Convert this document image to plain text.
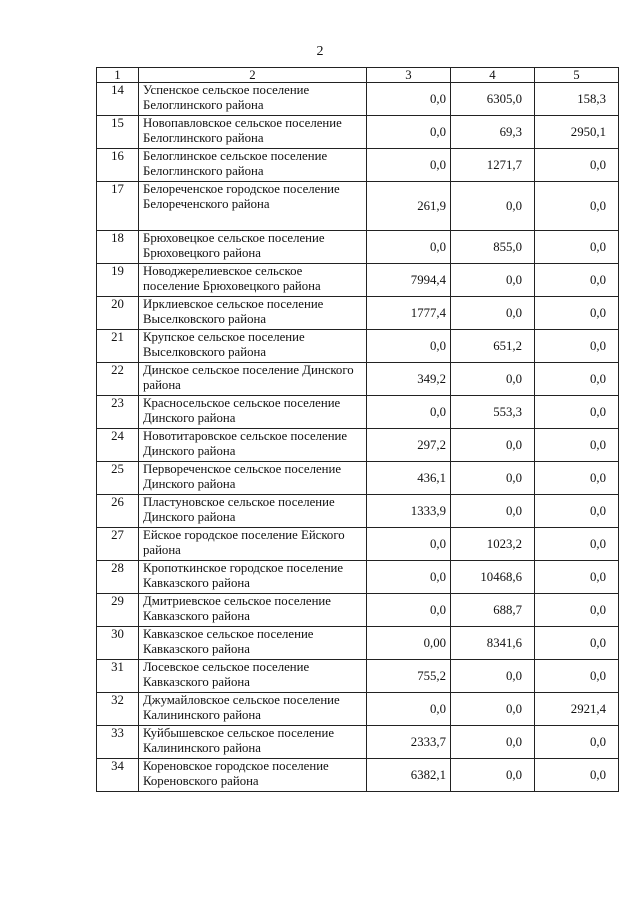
2
1	2	3	4	5
14	Успенское сельское поселение Белоглинского района	0,0	6305,0	158,3
15	Новопавловское сельское поселение Белоглинского района	0,0	69,3	2950,1
16	Белоглинское сельское поселение Белоглинского района	0,0	1271,7	0,0
17	Белореченское городское поселение Белореченского района	261,9	0,0	0,0
18	Брюховецкое сельское поселение Брюховецкого района	0,0	855,0	0,0
19	Новоджерелиевское сельское поселение Брюховецкого района	7994,4	0,0	0,0
20	Ирклиевское сельское поселение Выселковского района	1777,4	0,0	0,0
21	Крупское сельское поселение Выселковского района	0,0	651,2	0,0
22	Динское сельское поселение Динского района	349,2	0,0	0,0
23	Красносельское сельское поселение Динского района	0,0	553,3	0,0
24	Новотитаровское сельское поселение Динского района	297,2	0,0	0,0
25	Первореченское сельское поселение Динского района	436,1	0,0	0,0
26	Пластуновское сельское поселение Динского района	1333,9	0,0	0,0
27	Ейское городское поселение Ейского района	0,0	1023,2	0,0
28	Кропоткинское городское поселение Кавказского района	0,0	10468,6	0,0
29	Дмитриевское сельское поселение Кавказского района	0,0	688,7	0,0
30	Кавказское сельское поселение Кавказского района	0,00	8341,6	0,0
31	Лосевское сельское поселение Кавказского района	755,2	0,0	0,0
32	Джумайловское сельское поселение Калининского района	0,0	0,0	2921,4
33	Куйбышевское сельское поселение Калининского района	2333,7	0,0	0,0
34	Кореновское городское поселение Кореновского района	6382,1	0,0	0,0
